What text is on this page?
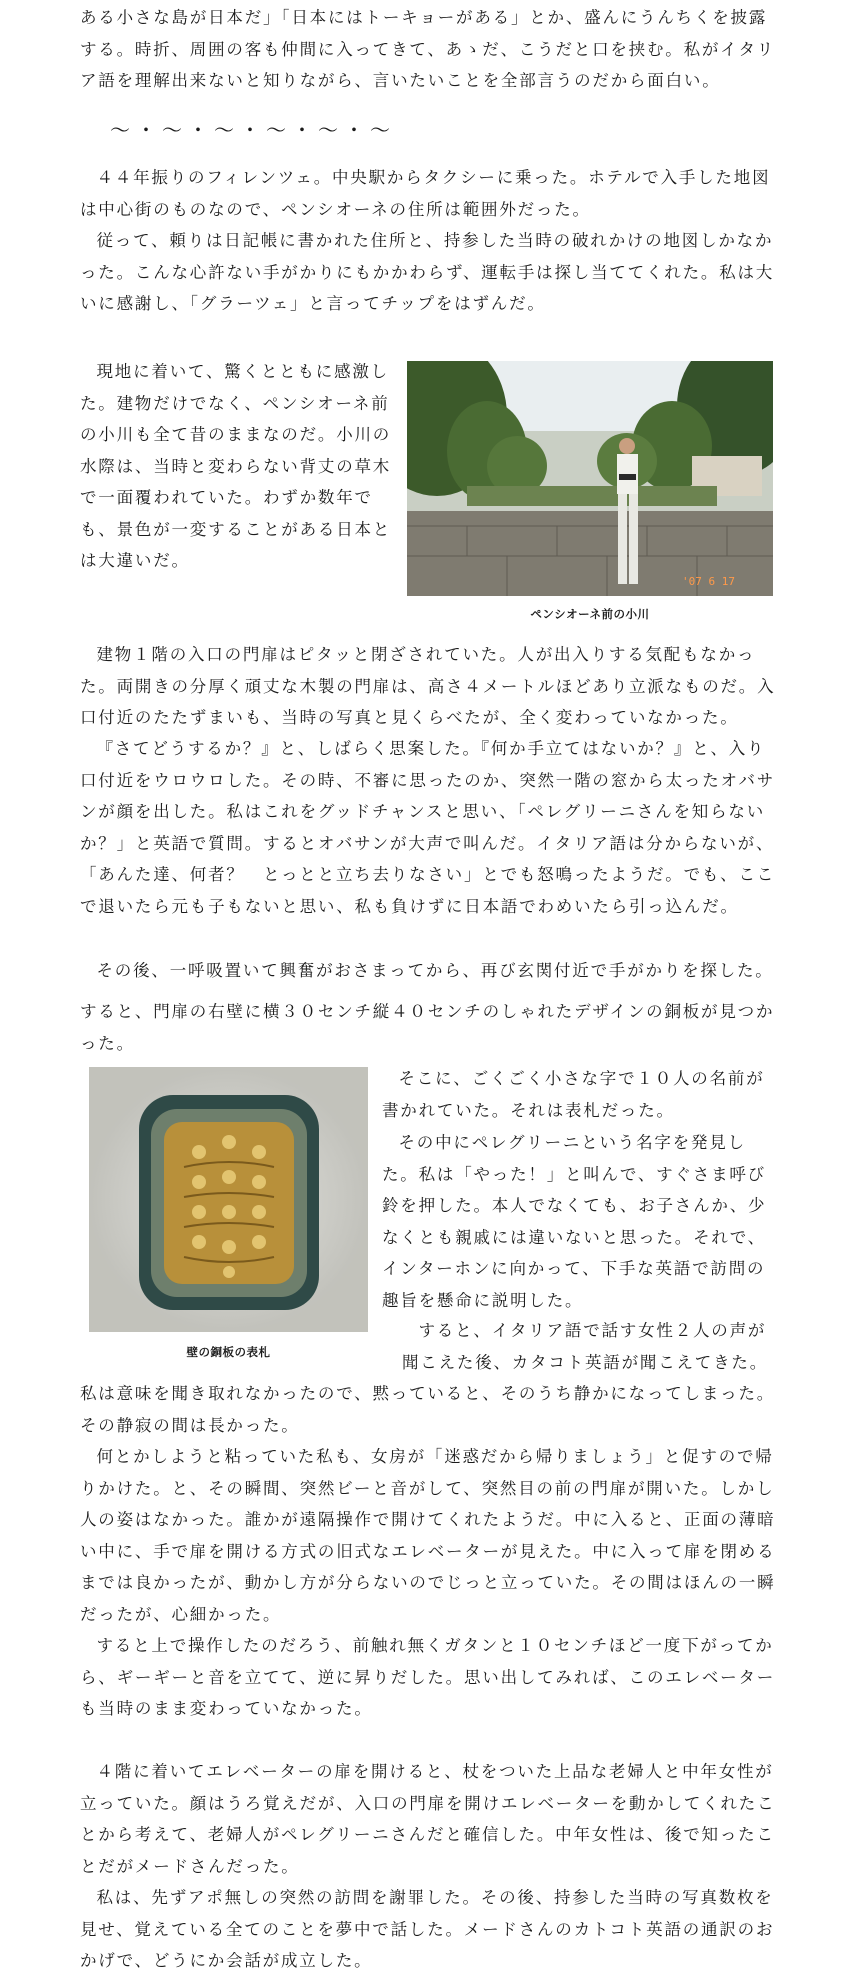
ある小さな島が日本だ」「日本にはトーキョーがある」とか、盛んにうんちくを披露する。時折、周囲の客も仲間に入ってきて、あゝだ、こうだと口を挟む。私がイタリア語を理解出来ないと知りながら、言いたいことを全部言うのだから面白い。

～・～・～・～・～・～

４４年振りのフィレンツェ。中央駅からタクシーに乗った。ホテルで入手した地図は中心街のものなので、ペンシオーネの住所は範囲外だった。

従って、頼りは日記帳に書かれた住所と、持参した当時の破れかけの地図しかなかった。こんな心許ない手がかりにもかかわらず、運転手は探し当ててくれた。私は大いに感謝し、「グラーツェ」と言ってチップをはずんだ。

現地に着いて、驚くとともに感激した。建物だけでなく、ペンシオーネ前の小川も全て昔のままなのだ。小川の水際は、当時と変わらない背丈の草木で一面覆われていた。わずか数年でも、景色が一変することがある日本とは大違いだ。

'07 6 17
ペンシオーネ前の小川

建物１階の入口の門扉はピタッと閉ざされていた。人が出入りする気配もなかった。両開きの分厚く頑丈な木製の門扉は、高さ４メートルほどあり立派なものだ。入口付近のたたずまいも、当時の写真と見くらべたが、全く変わっていなかった。

『さてどうするか？』と、しばらく思案した。『何か手立てはないか？』と、入り口付近をウロウロした。その時、不審に思ったのか、突然一階の窓から太ったオバサンが顔を出した。私はこれをグッドチャンスと思い、「ペレグリーニさんを知らないか？」と英語で質問。するとオバサンが大声で叫んだ。イタリア語は分からないが、「あんた達、何者？　とっとと立ち去りなさい」とでも怒鳴ったようだ。でも、ここで退いたら元も子もないと思い、私も負けずに日本語でわめいたら引っ込んだ。

その後、一呼吸置いて興奮がおさまってから、再び玄関付近で手がかりを探した。

すると、門扉の右壁に横３０センチ縦４０センチのしゃれたデザインの銅板が見つかった。

壁の銅板の表札

そこに、ごくごく小さな字で１０人の名前が書かれていた。それは表札だった。

その中にペレグリーニという名字を発見した。私は「やった！」と叫んで、すぐさま呼び鈴を押した。本人でなくても、お子さんか、少なくとも親戚には違いないと思った。それで、インターホンに向かって、下手な英語で訪問の趣旨を懸命に説明した。

すると、イタリア語で話す女性２人の声が聞こえた後、カタコト英語が聞こえてきた。

私は意味を聞き取れなかったので、黙っていると、そのうち静かになってしまった。その静寂の間は長かった。

何とかしようと粘っていた私も、女房が「迷惑だから帰りましょう」と促すので帰りかけた。と、その瞬間、突然ビーと音がして、突然目の前の門扉が開いた。しかし人の姿はなかった。誰かが遠隔操作で開けてくれたようだ。中に入ると、正面の薄暗い中に、手で扉を開ける方式の旧式なエレベーターが見えた。中に入って扉を閉めるまでは良かったが、動かし方が分らないのでじっと立っていた。その間はほんの一瞬だったが、心細かった。

すると上で操作したのだろう、前触れ無くガタンと１０センチほど一度下がってから、ギーギーと音を立てて、逆に昇りだした。思い出してみれば、このエレベーターも当時のまま変わっていなかった。

４階に着いてエレベーターの扉を開けると、杖をついた上品な老婦人と中年女性が立っていた。顔はうろ覚えだが、入口の門扉を開けエレベーターを動かしてくれたことから考えて、老婦人がペレグリーニさんだと確信した。中年女性は、後で知ったことだがメードさんだった。

私は、先ずアポ無しの突然の訪問を謝罪した。その後、持参した当時の写真数枚を見せ、覚えている全てのことを夢中で話した。メードさんのカトコト英語の通訳のおかげで、どうにか会話が成立した。
